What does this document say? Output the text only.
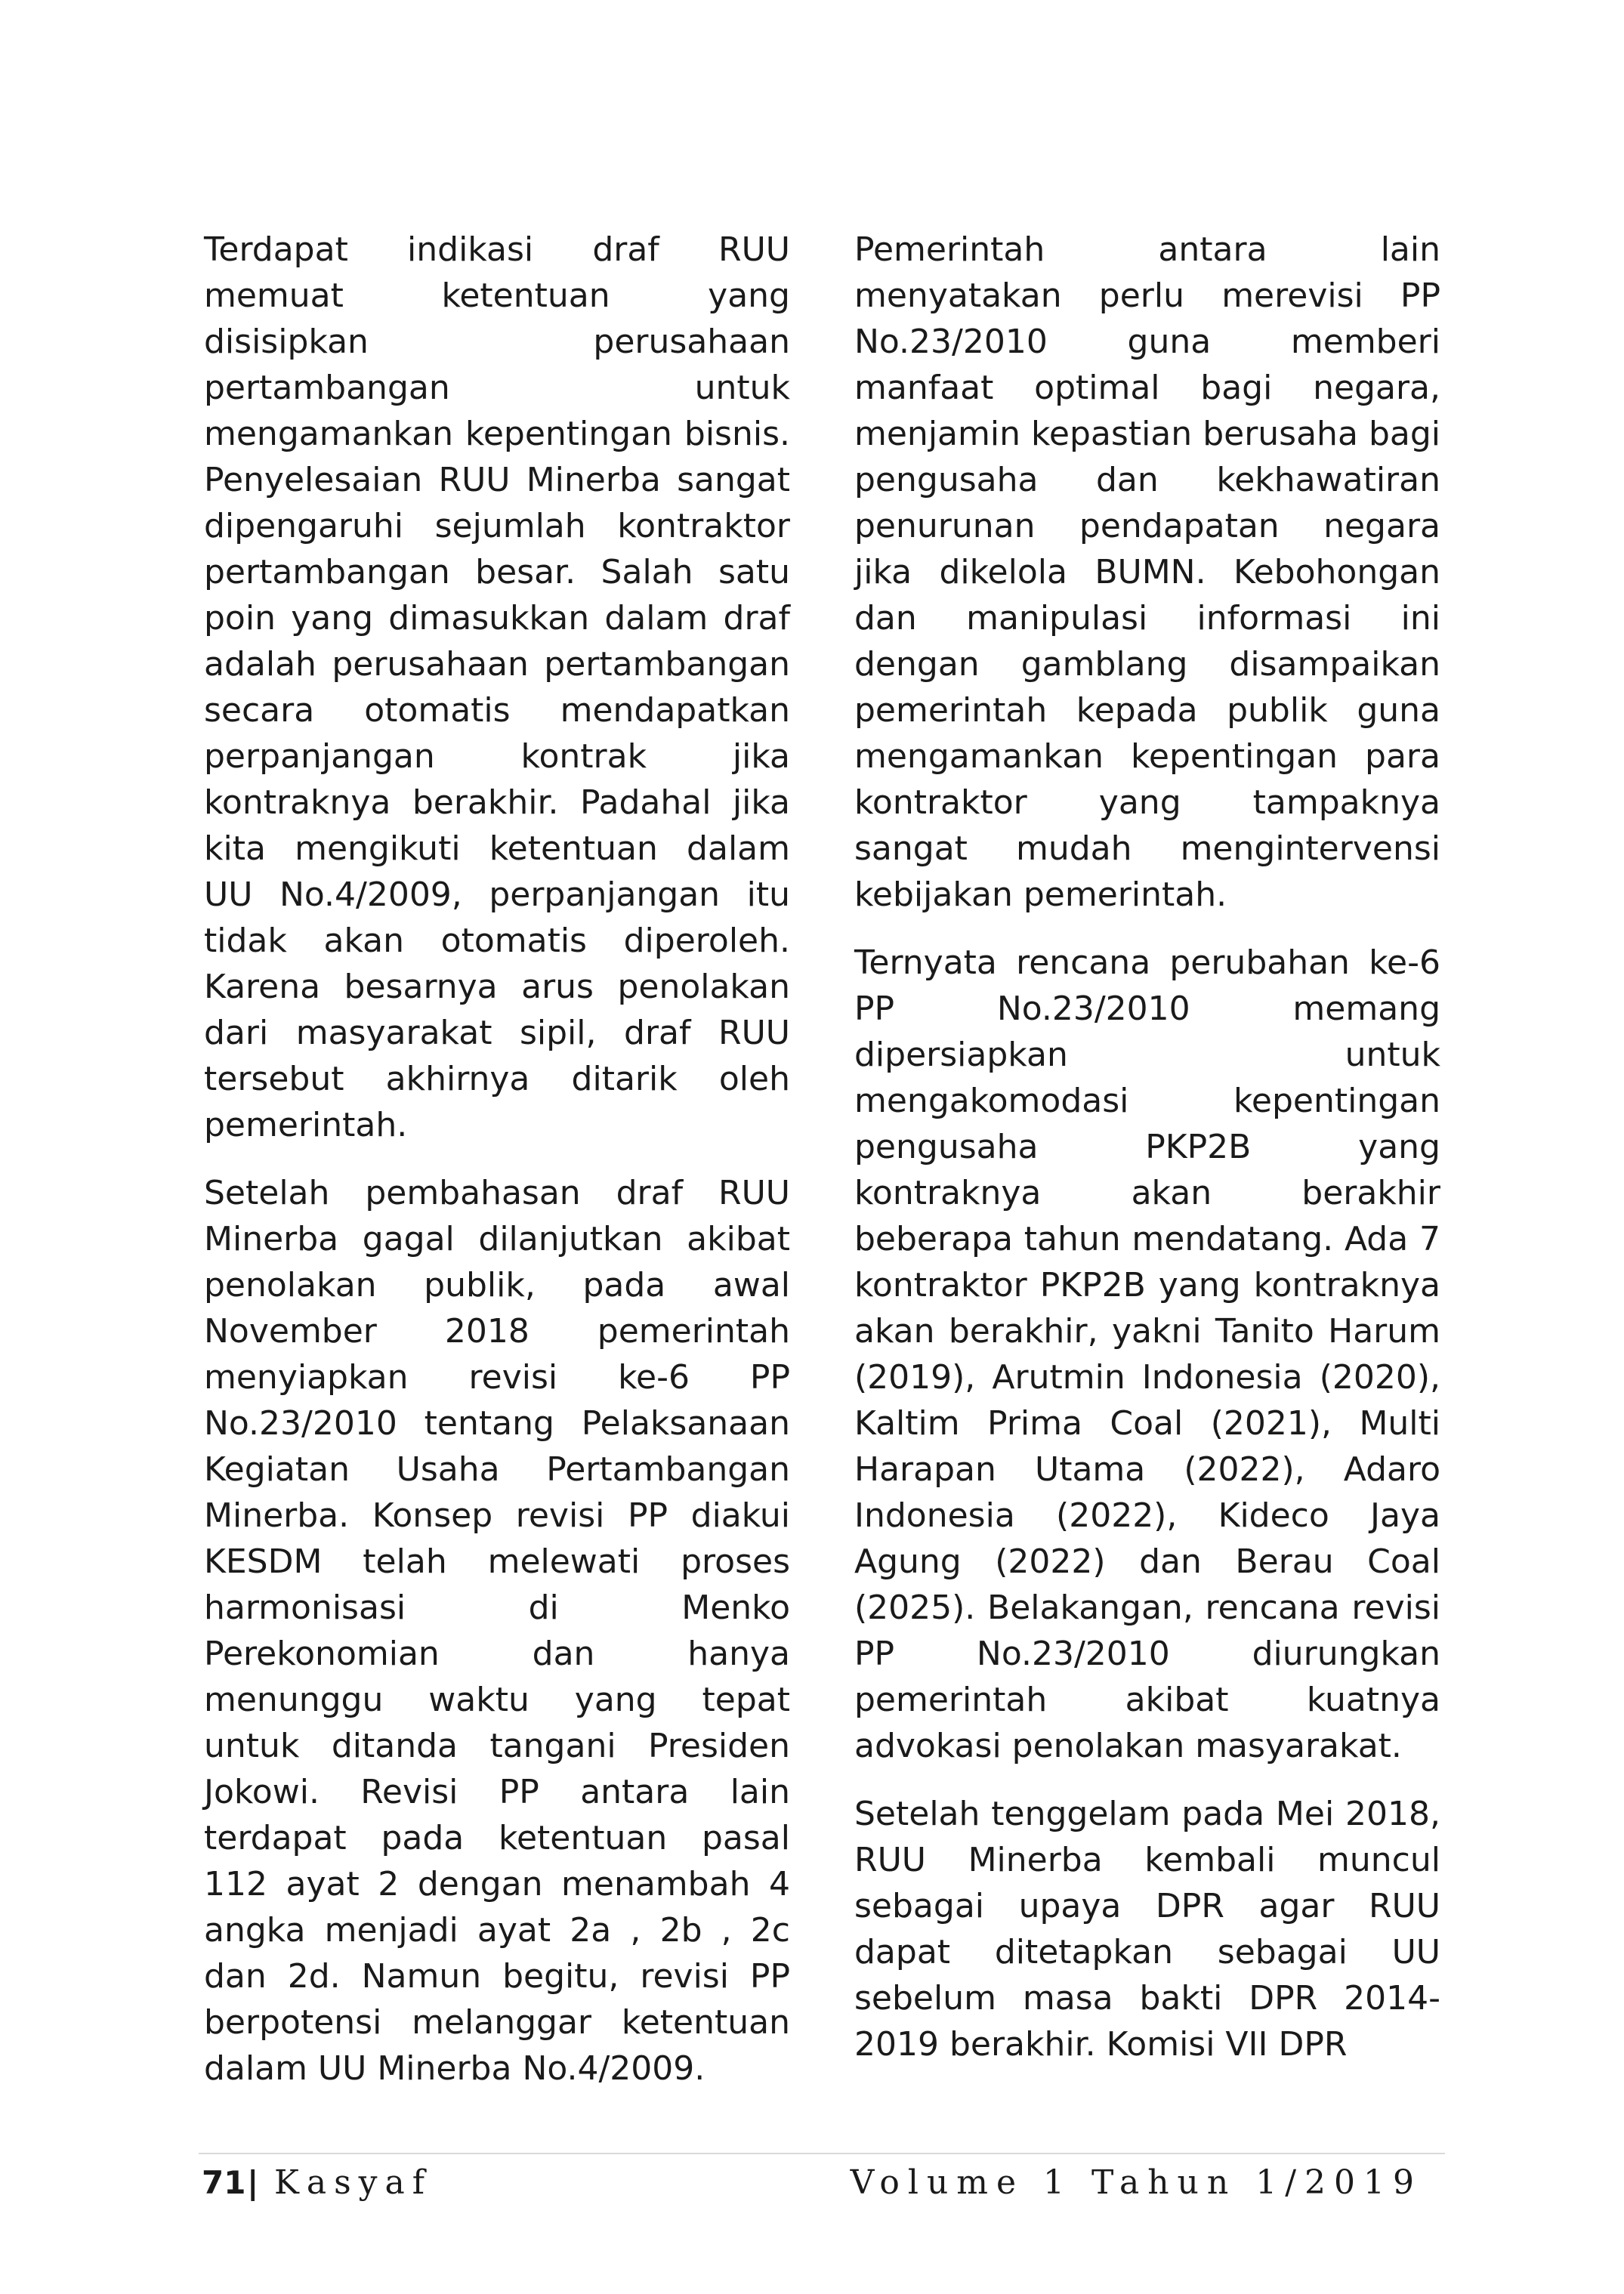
Terdapat indikasi draf RUU memuat ketentuan yang disisipkan perusahaan pertambangan untuk mengamankan kepentingan bisnis. Penyelesaian RUU Minerba sangat dipengaruhi sejumlah kontraktor pertambangan besar. Salah satu poin yang dimasukkan dalam draf adalah perusahaan pertambangan secara otomatis mendapatkan perpanjangan kontrak jika kontraknya berakhir. Padahal jika kita mengikuti ketentuan dalam UU No.4/2009, perpanjangan itu tidak akan otomatis diperoleh. Karena besarnya arus penolakan dari masyarakat sipil, draf RUU tersebut akhirnya ditarik oleh pemerintah.

Setelah pembahasan draf RUU Minerba gagal dilanjutkan akibat penolakan publik, pada awal November 2018 pemerintah menyiapkan revisi ke-6 PP No.23/2010 tentang Pelaksanaan Kegiatan Usaha Pertambangan Minerba. Konsep revisi PP diakui KESDM telah melewati proses harmonisasi di Menko Perekonomian dan hanya menunggu waktu yang tepat untuk ditanda tangani Presiden Jokowi. Revisi PP antara lain terdapat pada ketentuan pasal 112 ayat 2 dengan menambah 4 angka menjadi ayat 2a , 2b , 2c dan 2d. Namun begitu, revisi PP berpotensi melanggar ketentuan dalam UU Minerba No.4/2009.

Pemerintah antara lain menyatakan perlu merevisi PP No.23/2010 guna memberi manfaat optimal bagi negara, menjamin kepastian berusaha bagi pengusaha dan kekhawatiran penurunan pendapatan negara jika dikelola BUMN. Kebohongan dan manipulasi informasi ini dengan gamblang disampaikan pemerintah kepada publik guna mengamankan kepentingan para kontraktor yang tampaknya sangat mudah mengintervensi kebijakan pemerintah.

Ternyata rencana perubahan ke-6 PP No.23/2010 memang dipersiapkan untuk mengakomodasi kepentingan pengusaha PKP2B yang kontraknya akan berakhir beberapa tahun mendatang. Ada 7 kontraktor PKP2B yang kontraknya akan berakhir, yakni Tanito Harum (2019), Arutmin Indonesia (2020), Kaltim Prima Coal (2021), Multi Harapan Utama (2022), Adaro Indonesia (2022), Kideco Jaya Agung (2022) dan Berau Coal (2025). Belakangan, rencana revisi PP No.23/2010 diurungkan pemerintah akibat kuatnya advokasi penolakan masyarakat.

Setelah tenggelam pada Mei 2018, RUU Minerba kembali muncul sebagai upaya DPR agar RUU dapat ditetapkan sebagai UU sebelum masa bakti DPR 2014-2019 berakhir. Komisi VII DPR

71 | Kasyaf	Volume 1 Tahun 1/2019
